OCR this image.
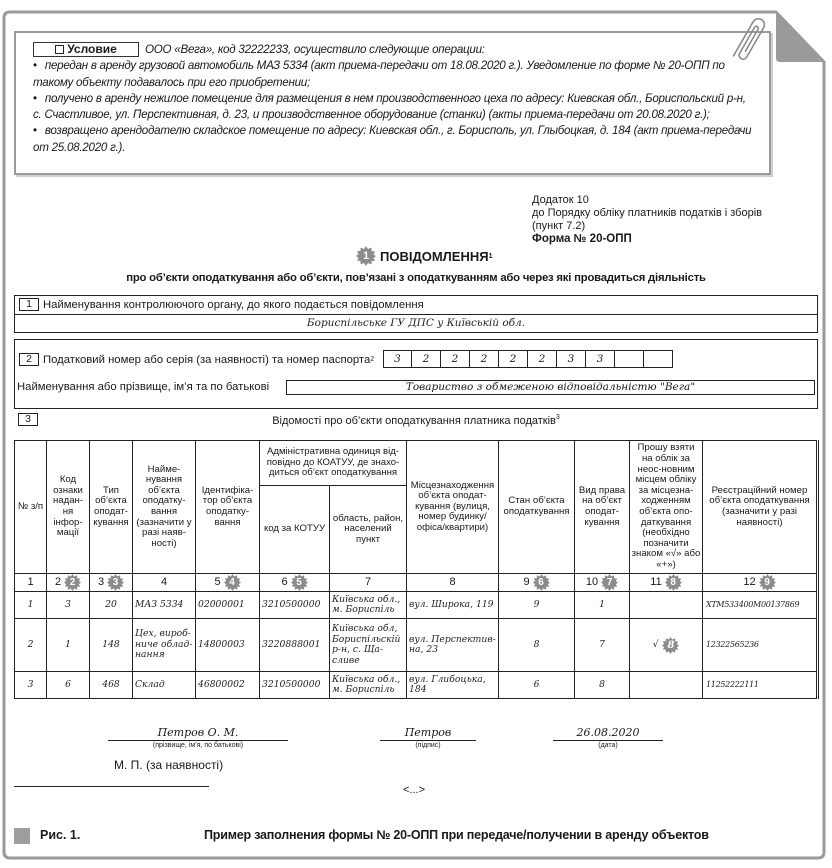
Условие ООО «Вега», код 32222233, осуществило следующие операции:
• передан в аренду грузовой автомобиль МАЗ 5334 (акт приема-передачи от 18.08.2020 г.). Уведомление по форме № 20-ОПП по такому объекту подавалось при его приобретении;
• получено в аренду нежилое помещение для размещения в нем производственного цеха по адресу: Киевская обл., Бориспольский р-н, с. Счастливое, ул. Перспективная, д. 23, и производственное оборудование (станки) (акты приема-передачи от 20.08.2020 г.);
• возвращено арендодателю складское помещение по адресу: Киевская обл., г. Борисполь, ул. Глыбоцкая, д. 184 (акт приема-передачи от 25.08.2020 г.).
Додаток 10
до Порядку обліку платників податків і зборів
(пункт 7.2)
Форма № 20-ОПП
1 ПОВІДОМЛЕННЯ 1
про об’єкти оподаткування або об’єкти, пов’язані з оподаткуванням або через які провадиться діяльність
1 Найменування контролюючого органу, до якого подається повідомлення
Бориспільське ГУ ДПС у Київській обл.
2 Податковий номер або серія (за наявності) та номер паспорта 2	3	2	2	2	2	2	3	3
Найменування або прізвище, ім’я та по батькові	Товариство з обмеженою відповідальністю "Вега"
3	Відомості про об’єкти оподаткування платника податків$^3$
№ з/п	Код ознаки надан-ня інфор-мації	Тип об’єкта оподат-кування	Найме-нування об’єкта оподатку-вання (зазначити у разі наяв-ності)	Ідентифіка-тор об’єкта оподатку-вання	Адміністративна одиниця від-повідно до КОАТУУ, де знахо-диться об’єкт оподаткування		Місцезнаходження об’єкта оподат-кування (вулиця, номер будинку/ офіса/квартири)	Стан об’єкта оподаткування	Вид права на об’єкт оподат-кування	Прошу взяти на облік за неос-новним місцем обліку за місцезна-ходженням об’єкта опо-даткування (необхідно позначити знаком «√» або «+»)	Реєстраційний номер об’єкта оподаткування (зазначити у разі наявності)
					код за КОТУУ	область, район, населений пункт					

1	2 2	3 3	4	5 4	6 5	7	8	9 6	10 7	11 8	12 9

1	3	20	МАЗ 5334	02000001	3210500000	Київська обл., м. Бориспіль	вул. Широка, 119	9	1		XTM533400M00137869
2	1	148	Цех, вироб-ниче облад-нання	14800003	3220888001	Київська обл, Бориспільскій р-н, с. Ща-сливе	вул. Перспектив-на, 23	8	7	√ 8	12322565236
3	6	468	Склад	46800002	3210500000	Київська обл., м. Бориспіль	вул. Глибоцька, 184	6	8		11252222111
Петров О. М.
(прізвище, ім’я, по батькові)
Петров
(підпис)
26.08.2020
(дата)
М. П. (за наявності)
<...>
Рис. 1.	Пример заполнения формы № 20-ОПП при передаче/получении в аренду объектов
